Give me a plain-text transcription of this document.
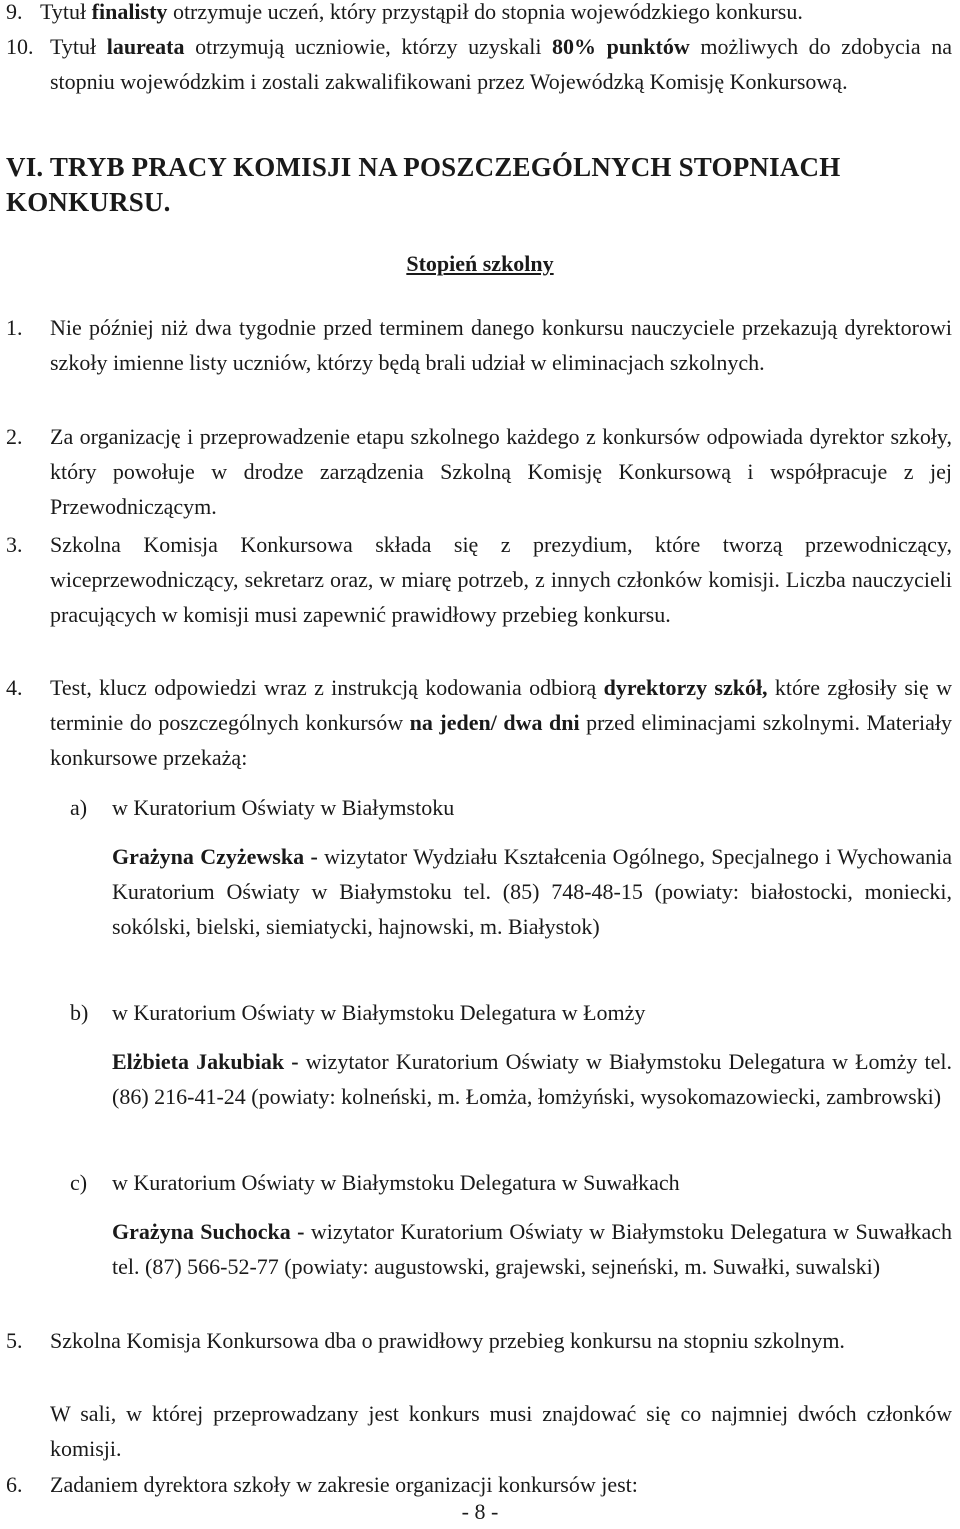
9. Tytuł finalisty otrzymuje uczeń, który przystąpił do stopnia wojewódzkiego konkursu.
10. Tytuł laureata otrzymują uczniowie, którzy uzyskali 80% punktów możliwych do zdobycia na stopniu wojewódzkim i zostali zakwalifikowani przez Wojewódzką Komisję Konkursową.
VI. TRYB PRACY KOMISJI NA POSZCZEGÓLNYCH STOPNIACH KONKURSU.
Stopień szkolny
1. Nie później niż dwa tygodnie przed terminem danego konkursu nauczyciele przekazują dyrektorowi szkoły imienne listy uczniów, którzy będą brali udział w eliminacjach szkolnych.
2. Za organizację i przeprowadzenie etapu szkolnego każdego z konkursów odpowiada dyrektor szkoły, który powołuje w drodze zarządzenia Szkolną Komisję Konkursową i współpracuje z jej Przewodniczącym.
3. Szkolna Komisja Konkursowa składa się z prezydium, które tworzą przewodniczący, wiceprzewodniczący, sekretarz oraz, w miarę potrzeb, z innych członków komisji. Liczba nauczycieli pracujących w komisji musi zapewnić prawidłowy przebieg konkursu.
4. Test, klucz odpowiedzi wraz z instrukcją kodowania odbiorą dyrektorzy szkół, które zgłosiły się w terminie do poszczególnych konkursów na jeden/ dwa dni przed eliminacjami szkolnymi. Materiały konkursowe przekażą:
a) w Kuratorium Oświaty w Białymstoku
Grażyna Czyżewska - wizytator Wydziału Kształcenia Ogólnego, Specjalnego i Wychowania Kuratorium Oświaty w Białymstoku tel. (85) 748-48-15 (powiaty: białostocki, moniecki, sokólski, bielski, siemiatycki, hajnowski, m. Białystok)
b) w Kuratorium Oświaty w Białymstoku Delegatura w Łomży
Elżbieta Jakubiak - wizytator Kuratorium Oświaty w Białymstoku Delegatura w Łomży tel. (86) 216-41-24 (powiaty: kolneński, m. Łomża, łomżyński, wysokomazowiecki, zambrowski)
c) w Kuratorium Oświaty w Białymstoku Delegatura w Suwałkach
Grażyna Suchocka - wizytator Kuratorium Oświaty w Białymstoku Delegatura w Suwałkach tel. (87) 566-52-77 (powiaty: augustowski, grajewski, sejneński, m. Suwałki, suwalski)
5. Szkolna Komisja Konkursowa dba o prawidłowy przebieg konkursu na stopniu szkolnym.
W sali, w której przeprowadzany jest konkurs musi znajdować się co najmniej dwóch członków komisji.
6. Zadaniem dyrektora szkoły w zakresie organizacji konkursów jest:
- 8 -
